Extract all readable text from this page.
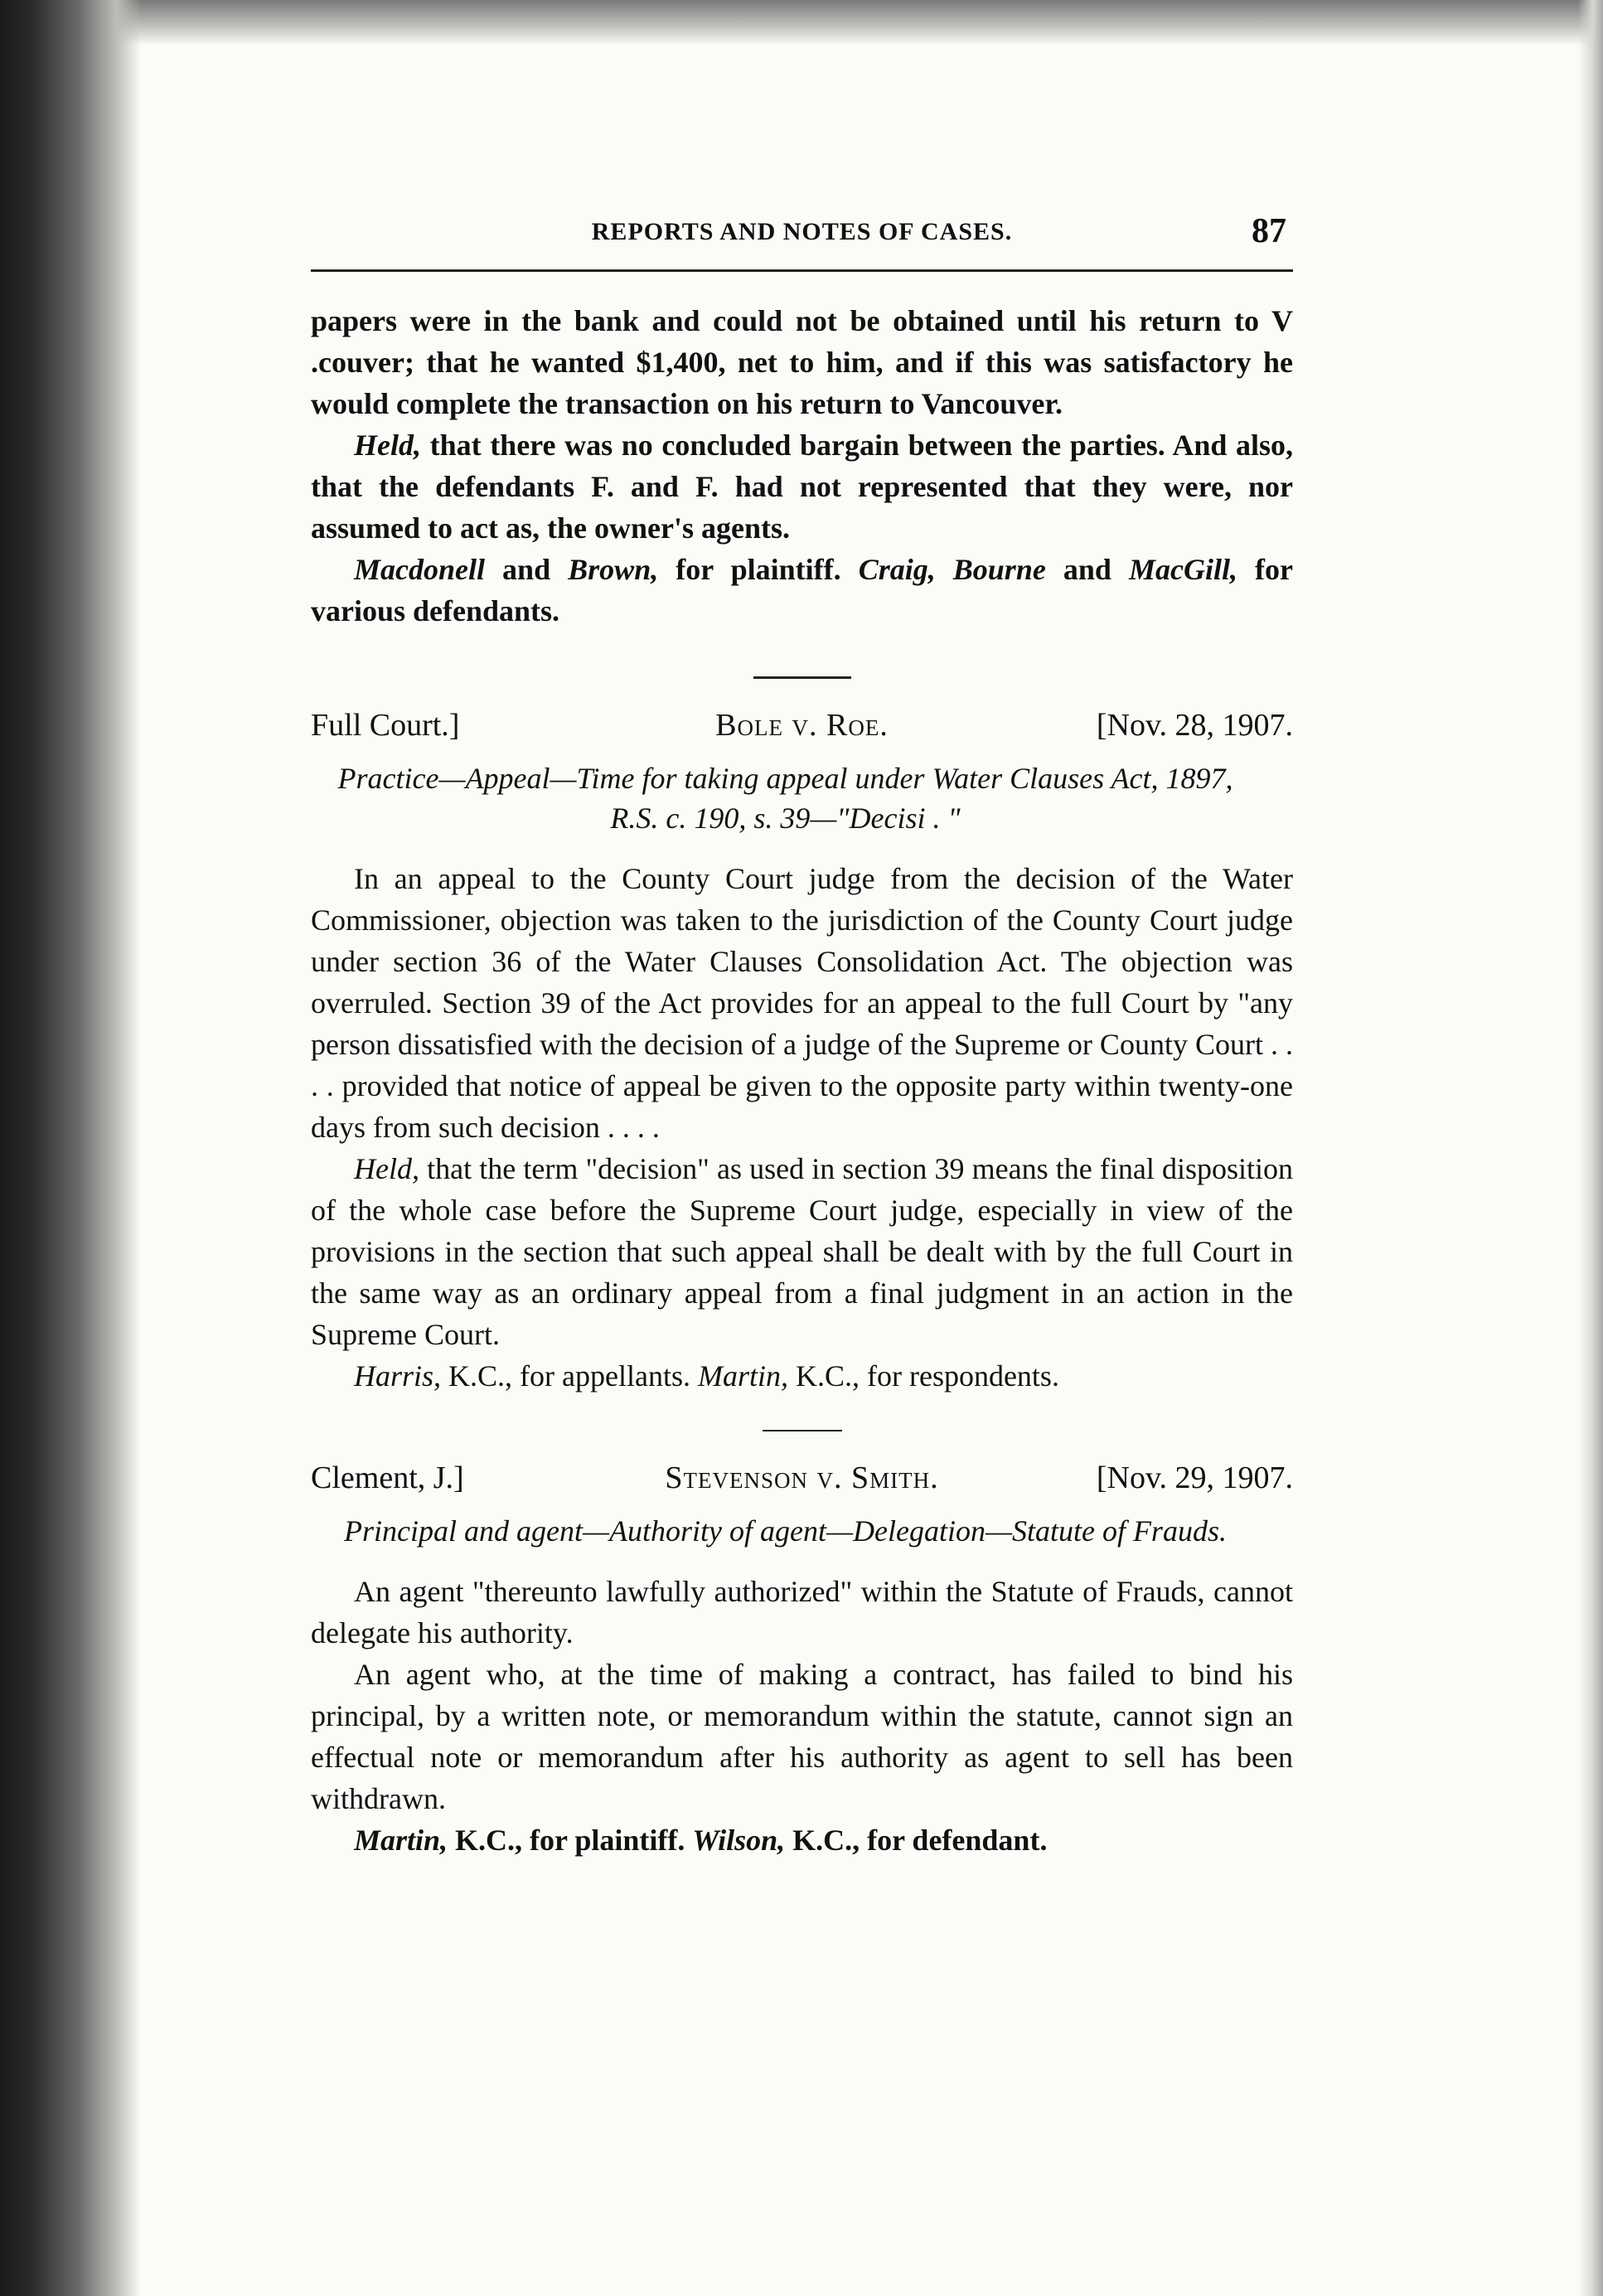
REPORTS AND NOTES OF CASES.	87

papers were in the bank and could not be obtained until his return to V .couver; that he wanted $1,400, net to him, and if this was satisfactory he would complete the transaction on his return to Vancouver.

Held, that there was no concluded bargain between the parties. And also, that the defendants F. and F. had not represented that they were, nor assumed to act as, the owner's agents.

Macdonell and Brown, for plaintiff. Craig, Bourne and MacGill, for various defendants.

Full Court.]	Bole v. Roe.	[Nov. 28, 1907.
Practice—Appeal—Time for taking appeal under Water Clauses Act, 1897, R.S. c. 190, s. 39—"Decisi . "

In an appeal to the County Court judge from the decision of the Water Commissioner, objection was taken to the jurisdiction of the County Court judge under section 36 of the Water Clauses Consolidation Act. The objection was overruled. Section 39 of the Act provides for an appeal to the full Court by "any person dissatisfied with the decision of a judge of the Supreme or County Court . . . . provided that notice of appeal be given to the opposite party within twenty-one days from such decision . . . .

Held, that the term "decision" as used in section 39 means the final disposition of the whole case before the Supreme Court judge, especially in view of the provisions in the section that such appeal shall be dealt with by the full Court in the same way as an ordinary appeal from a final judgment in an action in the Supreme Court.

Harris, K.C., for appellants. Martin, K.C., for respondents.

Clement, J.]	Stevenson v. Smith.	[Nov. 29, 1907.
Principal and agent—Authority of agent—Delegation—Statute of Frauds.

An agent "thereunto lawfully authorized" within the Statute of Frauds, cannot delegate his authority.

An agent who, at the time of making a contract, has failed to bind his principal, by a written note, or memorandum within the statute, cannot sign an effectual note or memorandum after his authority as agent to sell has been withdrawn.

Martin, K.C., for plaintiff. Wilson, K.C., for defendant.
